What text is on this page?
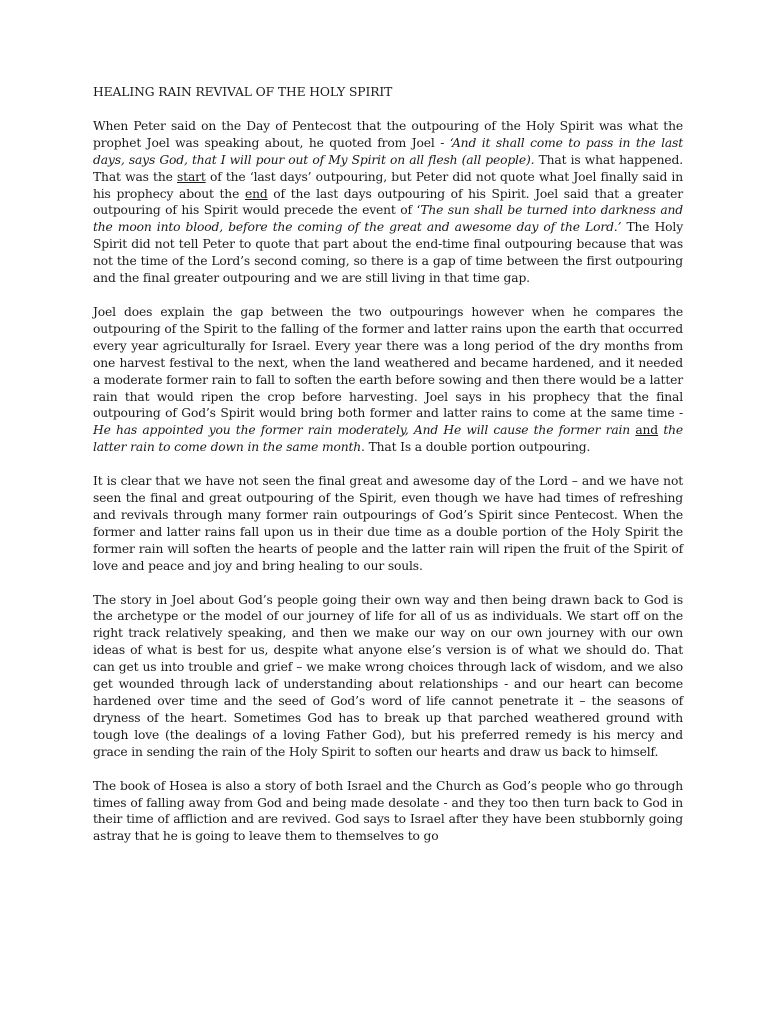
HEALING RAIN REVIVAL OF THE HOLY SPIRIT

When Peter said on the Day of Pentecost that the outpouring of the Holy Spirit was what the prophet Joel was speaking about, he quoted from Joel - ‘And it shall come to pass in the last days, says God, that I will pour out of My Spirit on all flesh (all people). That is what happened. That was the start of the ‘last days’ outpouring, but Peter did not quote what Joel finally said in his prophecy about the end of the last days outpouring of his Spirit. Joel said that a greater outpouring of his Spirit would precede the event of ‘The sun shall be turned into darkness and the moon into blood, before the coming of the great and awesome day of the Lord.’ The Holy Spirit did not tell Peter to quote that part about the end-time final outpouring because that was not the time of the Lord’s second coming, so there is a gap of time between the first outpouring and the final greater outpouring and we are still living in that time gap.

Joel does explain the gap between the two outpourings however when he compares the outpouring of the Spirit to the falling of the former and latter rains upon the earth that occurred every year agriculturally for Israel. Every year there was a long period of the dry months from one harvest festival to the next, when the land weathered and became hardened, and it needed a moderate former rain to fall to soften the earth before sowing and then there would be a latter rain that would ripen the crop before harvesting. Joel says in his prophecy that the final outpouring of God’s Spirit would bring both former and latter rains to come at the same time - He has appointed you the former rain moderately, And He will cause the former rain and the latter rain to come down in the same month. That Is a double portion outpouring.

It is clear that we have not seen the final great and awesome day of the Lord – and we have not seen the final and great outpouring of the Spirit, even though we have had times of refreshing and revivals through many former rain outpourings of God’s Spirit since Pentecost. When the former and latter rains fall upon us in their due time as a double portion of the Holy Spirit the former rain will soften the hearts of people and the latter rain will ripen the fruit of the Spirit of love and peace and joy and bring healing to our souls.

The story in Joel about God’s people going their own way and then being drawn back to God is the archetype or the model of our journey of life for all of us as individuals. We start off on the right track relatively speaking, and then we make our way on our own journey with our own ideas of what is best for us, despite what anyone else’s version is of what we should do. That can get us into trouble and grief – we make wrong choices through lack of wisdom, and we also get wounded through lack of understanding about relationships - and our heart can become hardened over time and the seed of God’s word of life cannot penetrate it – the seasons of dryness of the heart. Sometimes God has to break up that parched weathered ground with tough love (the dealings of a loving Father God), but his preferred remedy is his mercy and grace in sending the rain of the Holy Spirit to soften our hearts and draw us back to himself.

The book of Hosea is also a story of both Israel and the Church as God’s people who go through times of falling away from God and being made desolate - and they too then turn back to God in their time of affliction and are revived. God says to Israel after they have been stubbornly going astray that he is going to leave them to themselves to go
